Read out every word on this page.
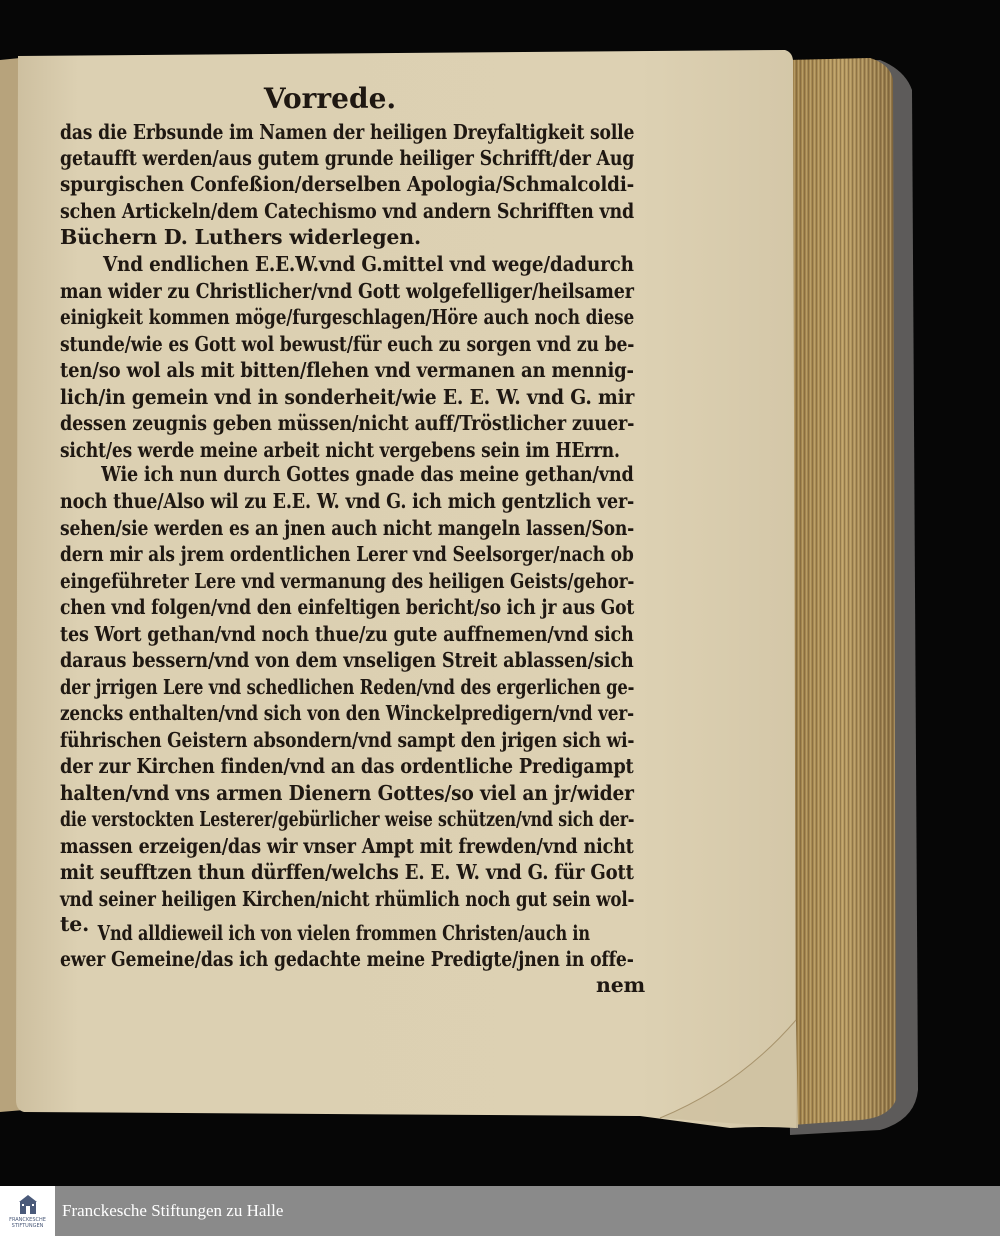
Vorrede.
das die Erbsunde im Namen der heiligen Dreyfaltigkeit solle
getaufft werden/aus gutem grunde heiliger Schrifft/der Aug
spurgischen Confeßion/derselben Apologia/Schmalcoldi-
schen Artickeln/dem Catechismo vnd andern Schrifften vnd
Büchern D. Luthers widerlegen.
Vnd endlichen E.E.W.vnd G.mittel vnd wege/dadurch
man wider zu Christlicher/vnd Gott wolgefelliger/heilsamer
einigkeit kommen möge/furgeschlagen/Höre auch noch diese
stunde/wie es Gott wol bewust/für euch zu sorgen vnd zu be-
ten/so wol als mit bitten/flehen vnd vermanen an mennig-
lich/in gemein vnd in sonderheit/wie E. E. W. vnd G. mir
dessen zeugnis geben müssen/nicht auff/Tröstlicher zuuer-
sicht/es werde meine arbeit nicht vergebens sein im HErrn.
Wie ich nun durch Gottes gnade das meine gethan/vnd
noch thue/Also wil zu E.E. W. vnd G. ich mich gentzlich ver-
sehen/sie werden es an jnen auch nicht mangeln lassen/Son-
dern mir als jrem ordentlichen Lerer vnd Seelsorger/nach ob
eingeführeter Lere vnd vermanung des heiligen Geists/gehor-
chen vnd folgen/vnd den einfeltigen bericht/so ich jr aus Got
tes Wort gethan/vnd noch thue/zu gute auffnemen/vnd sich
daraus bessern/vnd von dem vnseligen Streit ablassen/sich
der jrrigen Lere vnd schedlichen Reden/vnd des ergerlichen ge-
zencks enthalten/vnd sich von den Winckelpredigern/vnd ver-
führischen Geistern absondern/vnd sampt den jrigen sich wi-
der zur Kirchen finden/vnd an das ordentliche Predigampt
halten/vnd vns armen Dienern Gottes/so viel an jr/wider
die verstockten Lesterer/gebürlicher weise schützen/vnd sich der-
massen erzeigen/das wir vnser Ampt mit frewden/vnd nicht
mit seufftzen thun dürffen/welchs E. E. W. vnd G. für Gott
vnd seiner heiligen Kirchen/nicht rhümlich noch gut sein wol-
te. Vnd alldieweil ich von vielen frommen Christen/auch in
ewer Gemeine/das ich gedachte meine Predigte/jnen in offe-
nem
FRANCKESCHE STIFTUNGEN
Franckesche Stiftungen zu Halle
